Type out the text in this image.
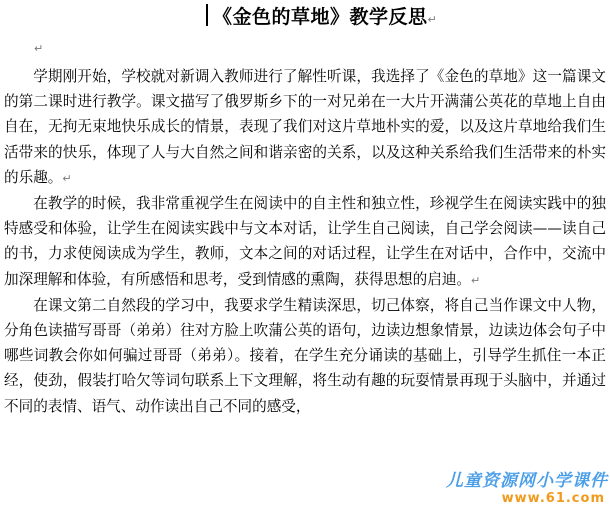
《金色的草地》教学反思↵
↵

学期刚开始，学校就对新调入教师进行了解性听课，我选择了《金色的草地》这一篇课文的第二课时进行教学。课文描写了俄罗斯乡下的一对兄弟在一大片开满蒲公英花的草地上自由自在，无拘无束地快乐成长的情景，表现了我们对这片草地朴实的爱，以及这片草地给我们生活带来的快乐，体现了人与大自然之间和谐亲密的关系，以及这种关系给我们生活带来的朴实的乐趣。↵

在教学的时候，我非常重视学生在阅读中的自主性和独立性，珍视学生在阅读实践中的独特感受和体验，让学生在阅读实践中与文本对话，让学生自己阅读，自己学会阅读——读自己的书，力求使阅读成为学生，教师，文本之间的对话过程，让学生在对话中，合作中，交流中加深理解和体验，有所感悟和思考，受到情感的熏陶，获得思想的启迪。↵

在课文第二自然段的学习中，我要求学生精读深思，切己体察，将自己当作课文中人物，分角色读描写哥哥（弟弟）往对方脸上吹蒲公英的语句，边读边想象情景，边读边体会句子中哪些词教会你如何骗过哥哥（弟弟）。接着，在学生充分诵读的基础上，引导学生抓住一本正经，使劲，假装打哈欠等词句联系上下文理解，将生动有趣的玩耍情景再现于头脑中，并通过不同的表情、语气、动作读出自己不同的感受，

儿童资源网小学课件
www.61.com
